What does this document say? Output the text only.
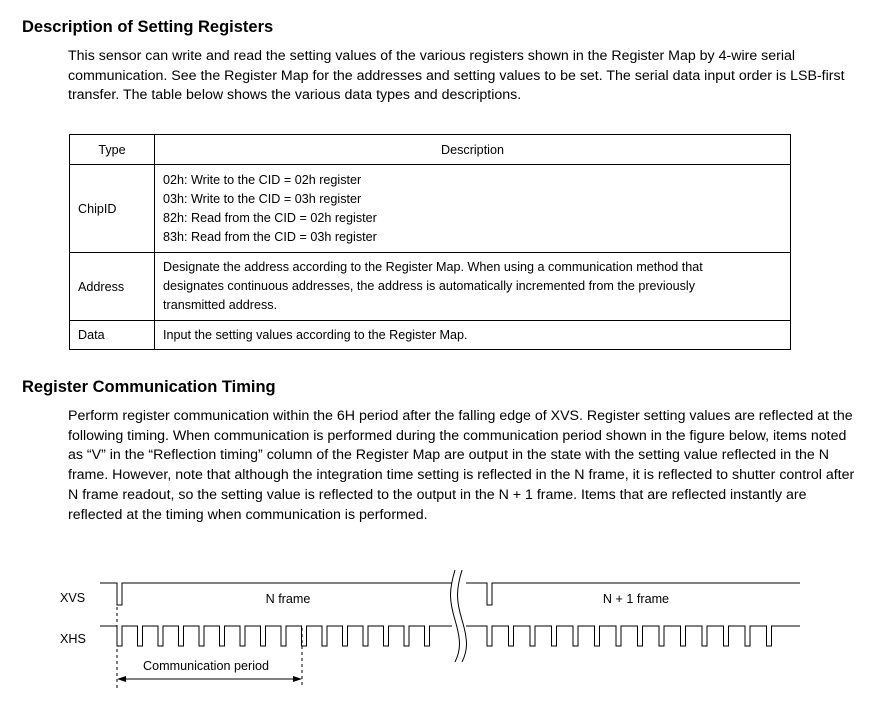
Description of Setting Registers

This sensor can write and read the setting values of the various registers shown in the Register Map by 4-wire serial communication. See the Register Map for the addresses and setting values to be set. The serial data input order is LSB-first transfer. The table below shows the various data types and descriptions.

Type	Description
ChipID	02h: Write to the CID = 02h register
03h: Write to the CID = 03h register
82h: Read from the CID = 02h register
83h: Read from the CID = 03h register

Address	Designate the address according to the Register Map. When using a communication method that
designates continuous addresses, the address is automatically incremented from the previously
transmitted address.

Data	Input the setting values according to the Register Map.
Register Communication Timing

Perform register communication within the 6H period after the falling edge of XVS. Register setting values are reflected at the following timing. When communication is performed during the communication period shown in the figure below, items noted as “V” in the “Reflection timing” column of the Register Map are output in the state with the setting value reflected in the N frame. However, note that although the integration time setting is reflected in the N frame, it is reflected to shutter control after N frame readout, so the setting value is reflected to the output in the N + 1 frame. Items that are reflected instantly are reflected at the timing when communication is performed.

XVS
XHS
N frame	N + 1 frame
Communication period
